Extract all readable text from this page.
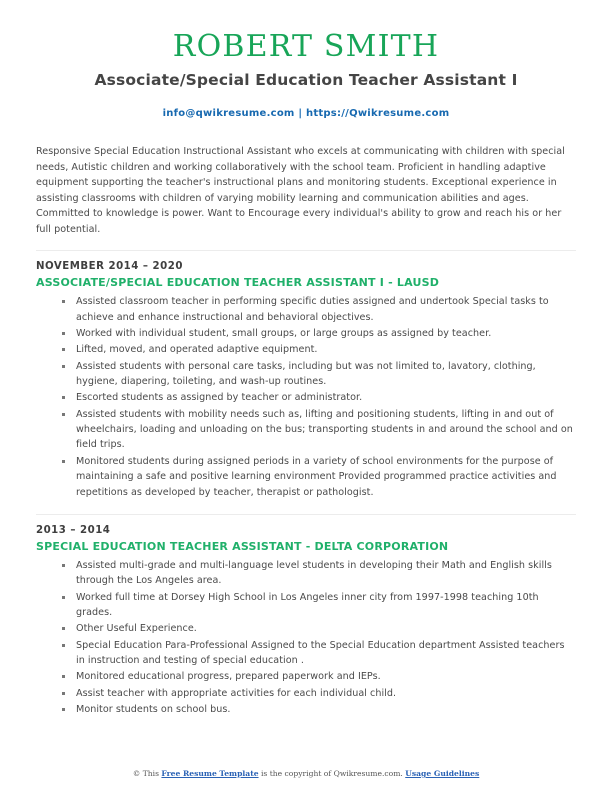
ROBERT SMITH
Associate/Special Education Teacher Assistant I
info@qwikresume.com | https://Qwikresume.com
Responsive Special Education Instructional Assistant who excels at communicating with children with special needs, Autistic children and working collaboratively with the school team. Proficient in handling adaptive equipment supporting the teacher's instructional plans and monitoring students. Exceptional experience in assisting classrooms with children of varying mobility learning and communication abilities and ages. Committed to knowledge is power. Want to Encourage every individual's ability to grow and reach his or her full potential.
NOVEMBER 2014 – 2020
ASSOCIATE/SPECIAL EDUCATION TEACHER ASSISTANT I - LAUSD
Assisted classroom teacher in performing specific duties assigned and undertook Special tasks to achieve and enhance instructional and behavioral objectives.
Worked with individual student, small groups, or large groups as assigned by teacher.
Lifted, moved, and operated adaptive equipment.
Assisted students with personal care tasks, including but was not limited to, lavatory, clothing, hygiene, diapering, toileting, and wash-up routines.
Escorted students as assigned by teacher or administrator.
Assisted students with mobility needs such as, lifting and positioning students, lifting in and out of wheelchairs, loading and unloading on the bus; transporting students in and around the school and on field trips.
Monitored students during assigned periods in a variety of school environments for the purpose of maintaining a safe and positive learning environment Provided programmed practice activities and repetitions as developed by teacher, therapist or pathologist.
2013 – 2014
SPECIAL EDUCATION TEACHER ASSISTANT - DELTA CORPORATION
Assisted multi-grade and multi-language level students in developing their Math and English skills through the Los Angeles area.
Worked full time at Dorsey High School in Los Angeles inner city from 1997-1998 teaching 10th grades.
Other Useful Experience.
Special Education Para-Professional Assigned to the Special Education department Assisted teachers in instruction and testing of special education .
Monitored educational progress, prepared paperwork and IEPs.
Assist teacher with appropriate activities for each individual child.
Monitor students on school bus.
© This Free Resume Template is the copyright of Qwikresume.com. Usage Guidelines
